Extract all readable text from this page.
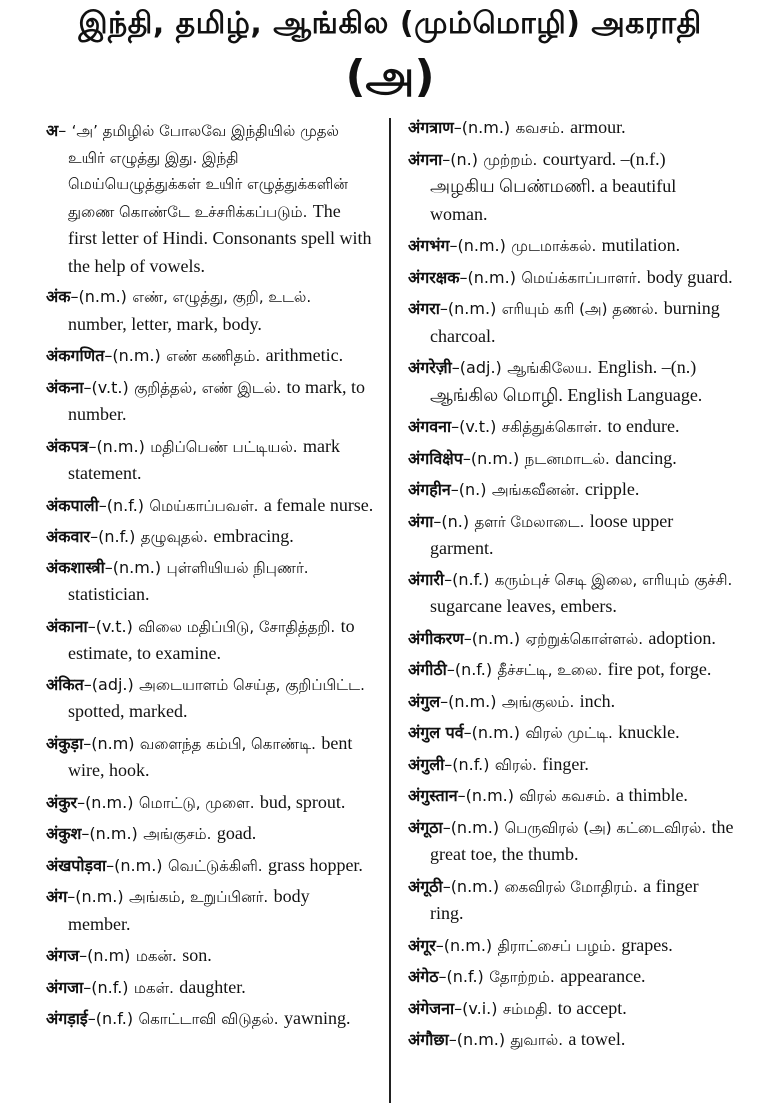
இந்தி, தமிழ், ஆங்கில (மும்மொழி) அகராதி
(அ)
अ– ‘அ’ தமிழில் போலவே இந்தியில் முதல் உயிர் எழுத்து இது. இந்தி மெய்யெழுத்துக்கள் உயிர் எழுத்துக்களின் துணை கொண்டே உச்சரிக்கப்படும். The first letter of Hindi. Consonants spell with the help of vowels.
अंक–(n.m.) எண், எழுத்து, குறி, உடல். number, letter, mark, body.
अंकगणित–(n.m.) எண் கணிதம். arithmetic.
अंकना–(v.t.) குறித்தல், எண் இடல். to mark, to number.
अंकपत्र–(n.m.) மதிப்பெண் பட்டியல். mark statement.
अंकपाली–(n.f.) மெய்காப்பவள். a female nurse.
अंकवार–(n.f.) தழுவுதல். embracing.
अंकशास्त्री–(n.m.) புள்ளியியல் நிபுணர். statistician.
अंकाना–(v.t.) விலை மதிப்பிடு, சோதித்தறி. to estimate, to examine.
अंकित–(adj.) அடையாளம் செய்த, குறிப்பிட்ட. spotted, marked.
अंकुड़ा–(n.m) வளைந்த கம்பி, கொண்டி. bent wire, hook.
अंकुर–(n.m.) மொட்டு, முளை. bud, sprout.
अंकुश–(n.m.) அங்குசம். goad.
अंखपोड़वा–(n.m.) வெட்டுக்கிளி. grass hopper.
अंग–(n.m.) அங்கம், உறுப்பினர். body member.
अंगज–(n.m) மகன். son.
अंगजा–(n.f.) மகள். daughter.
अंगड़ाई–(n.f.) கொட்டாவி விடுதல். yawning.
अंगत्राण–(n.m.) கவசம். armour.
अंगना–(n.) முற்றம். courtyard. –(n.f.) அழகிய பெண்மணி. a beautiful woman.
अंगभंग–(n.m.) முடமாக்கல். mutilation.
अंगरक्षक–(n.m.) மெய்க்காப்பாளர். body guard.
अंगरा–(n.m.) எரியும் கரி (அ) தணல். burning charcoal.
अंगरेज़ी–(adj.) ஆங்கிலேய. English. –(n.) ஆங்கில மொழி. English Language.
अंगवना–(v.t.) சகித்துக்கொள். to endure.
अंगविक्षेप–(n.m.) நடனமாடல். dancing.
अंगहीन–(n.) அங்கவீனன். cripple.
अंगा–(n.) தளர் மேலாடை. loose upper garment.
अंगारी–(n.f.) கரும்புச் செடி இலை, எரியும் குச்சி. sugarcane leaves, embers.
अंगीकरण–(n.m.) ஏற்றுக்கொள்ளல். adoption.
अंगीठी–(n.f.) தீச்சட்டி, உலை. fire pot, forge.
अंगुल–(n.m.) அங்குலம். inch.
अंगुल पर्व–(n.m.) விரல் முட்டி. knuckle.
अंगुली–(n.f.) விரல். finger.
अंगुस्तान–(n.m.) விரல் கவசம். a thimble.
अंगूठा–(n.m.) பெருவிரல் (அ) கட்டைவிரல். the great toe, the thumb.
अंगूठी–(n.m.) கைவிரல் மோதிரம். a finger ring.
अंगूर–(n.m.) திராட்சைப் பழம். grapes.
अंगेठ–(n.f.) தோற்றம். appearance.
अंगेजना–(v.i.) சம்மதி. to accept.
अंगौछा–(n.m.) துவால். a towel.
